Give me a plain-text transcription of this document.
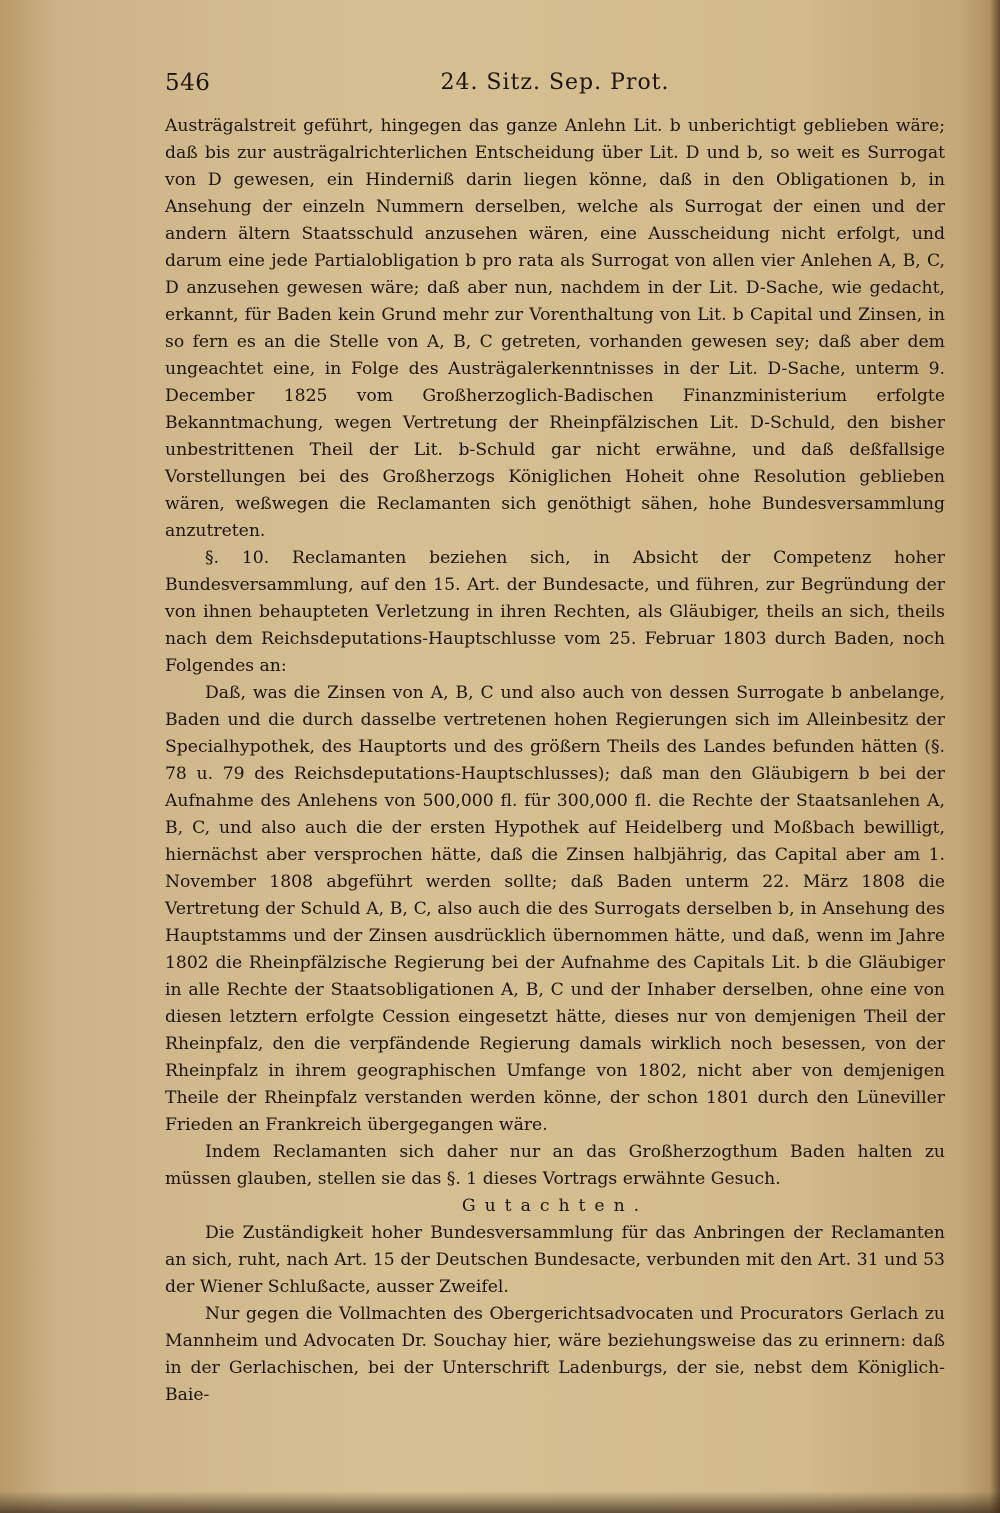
546	24. Sitz. Sep. Prot.

Austrägalstreit geführt, hingegen das ganze Anlehn Lit. b unberichtigt geblieben wäre; daß bis zur austrägalrichterlichen Entscheidung über Lit. D und b, so weit es Surrogat von D gewesen, ein Hinderniß darin liegen könne, daß in den Obligationen b, in Ansehung der einzeln Nummern derselben, welche als Surrogat der einen und der andern ältern Staatsschuld anzusehen wären, eine Ausscheidung nicht erfolgt, und darum eine jede Partialobligation b pro rata als Surrogat von allen vier Anlehen A, B, C, D anzusehen gewesen wäre; daß aber nun, nachdem in der Lit. D-Sache, wie gedacht, erkannt, für Baden kein Grund mehr zur Vorenthaltung von Lit. b Capital und Zinsen, in so fern es an die Stelle von A, B, C getreten, vorhanden gewesen sey; daß aber dem ungeachtet eine, in Folge des Austrägalerkenntnisses in der Lit. D-Sache, unterm 9. December 1825 vom Großherzoglich-Badischen Finanzministerium erfolgte Bekanntmachung, wegen Vertretung der Rheinpfälzischen Lit. D-Schuld, den bisher unbestrittenen Theil der Lit. b-Schuld gar nicht erwähne, und daß deßfallsige Vorstellungen bei des Großherzogs Königlichen Hoheit ohne Resolution geblieben wären, weßwegen die Reclamanten sich genöthigt sähen, hohe Bundesversammlung anzutreten.

§. 10. Reclamanten beziehen sich, in Absicht der Competenz hoher Bundesversammlung, auf den 15. Art. der Bundesacte, und führen, zur Begründung der von ihnen behaupteten Verletzung in ihren Rechten, als Gläubiger, theils an sich, theils nach dem Reichsdeputations-Hauptschlusse vom 25. Februar 1803 durch Baden, noch Folgendes an:

Daß, was die Zinsen von A, B, C und also auch von dessen Surrogate b anbelange, Baden und die durch dasselbe vertretenen hohen Regierungen sich im Alleinbesitz der Specialhypothek, des Hauptorts und des größern Theils des Landes befunden hätten (§. 78 u. 79 des Reichsdeputations-Hauptschlusses); daß man den Gläubigern b bei der Aufnahme des Anlehens von 500,000 fl. für 300,000 fl. die Rechte der Staatsanlehen A, B, C, und also auch die der ersten Hypothek auf Heidelberg und Moßbach bewilligt, hiernächst aber versprochen hätte, daß die Zinsen halbjährig, das Capital aber am 1. November 1808 abgeführt werden sollte; daß Baden unterm 22. März 1808 die Vertretung der Schuld A, B, C, also auch die des Surrogats derselben b, in Ansehung des Hauptstamms und der Zinsen ausdrücklich übernommen hätte, und daß, wenn im Jahre 1802 die Rheinpfälzische Regierung bei der Aufnahme des Capitals Lit. b die Gläubiger in alle Rechte der Staatsobligationen A, B, C und der Inhaber derselben, ohne eine von diesen letztern erfolgte Cession eingesetzt hätte, dieses nur von demjenigen Theil der Rheinpfalz, den die verpfändende Regierung damals wirklich noch besessen, von der Rheinpfalz in ihrem geographischen Umfange von 1802, nicht aber von demjenigen Theile der Rheinpfalz verstanden werden könne, der schon 1801 durch den Lüneviller Frieden an Frankreich übergegangen wäre.

Indem Reclamanten sich daher nur an das Großherzogthum Baden halten zu müssen glauben, stellen sie das §. 1 dieses Vortrags erwähnte Gesuch.

Gutachten.

Die Zuständigkeit hoher Bundesversammlung für das Anbringen der Reclamanten an sich, ruht, nach Art. 15 der Deutschen Bundesacte, verbunden mit den Art. 31 und 53 der Wiener Schlußacte, ausser Zweifel.

Nur gegen die Vollmachten des Obergerichtsadvocaten und Procurators Gerlach zu Mannheim und Advocaten Dr. Souchay hier, wäre beziehungsweise das zu erinnern: daß in der Gerlachischen, bei der Unterschrift Ladenburgs, der sie, nebst dem Königlich-Baie-
